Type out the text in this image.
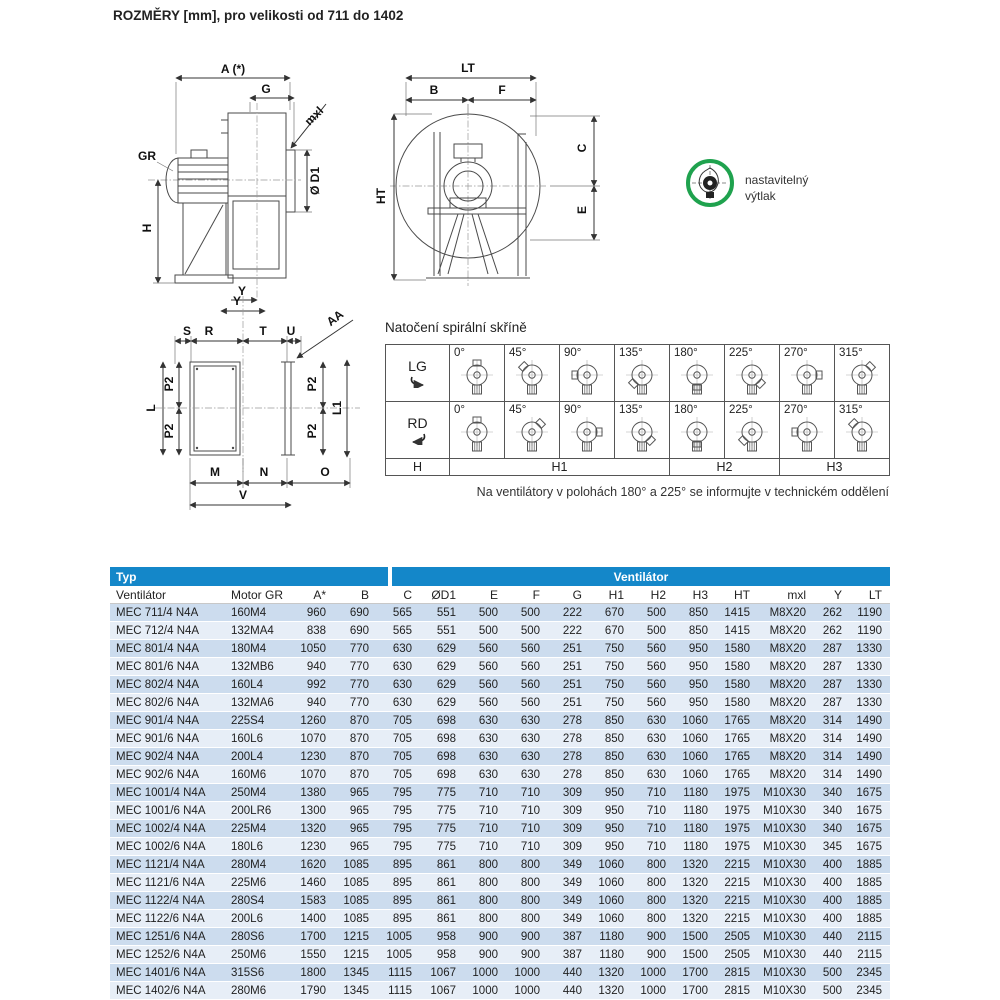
ROZMĚRY [mm], pro velikosti od 711 do 1402
A (*)
G
mxl
GR
Ø D1
H
Y
LT
B	F
HT
C
E
Y
S R	T U
AA
L
P2
P2
P2
P2
L1
M	N	O
V
nastavitelný
výtlak
Natočení spirální skříně
LG
0°	45°	90°	135°	180°	225°	270°	315°
RD
0°	45°	90°	135°	180°	225°	270°	315°
H	H1	H2	H3
Na ventilátory v polohách 180° a 225° se informujte v technickém oddělení
Typ	Ventilátor
Ventilátor	Motor GR	A*	B	C	ØD1	E	F	G	H1	H2	H3	HT	mxl	Y	LT
MEC 711/4 N4A	160M4	960	690	565	551	500	500	222	670	500	850	1415	M8X20	262	1190
MEC 712/4 N4A	132MA4	838	690	565	551	500	500	222	670	500	850	1415	M8X20	262	1190
MEC 801/4 N4A	180M4	1050	770	630	629	560	560	251	750	560	950	1580	M8X20	287	1330
MEC 801/6 N4A	132MB6	940	770	630	629	560	560	251	750	560	950	1580	M8X20	287	1330
MEC 802/4 N4A	160L4	992	770	630	629	560	560	251	750	560	950	1580	M8X20	287	1330
MEC 802/6 N4A	132MA6	940	770	630	629	560	560	251	750	560	950	1580	M8X20	287	1330
MEC 901/4 N4A	225S4	1260	870	705	698	630	630	278	850	630	1060	1765	M8X20	314	1490
MEC 901/6 N4A	160L6	1070	870	705	698	630	630	278	850	630	1060	1765	M8X20	314	1490
MEC 902/4 N4A	200L4	1230	870	705	698	630	630	278	850	630	1060	1765	M8X20	314	1490
MEC 902/6 N4A	160M6	1070	870	705	698	630	630	278	850	630	1060	1765	M8X20	314	1490
MEC 1001/4 N4A	250M4	1380	965	795	775	710	710	309	950	710	1180	1975	M10X30	340	1675
MEC 1001/6 N4A	200LR6	1300	965	795	775	710	710	309	950	710	1180	1975	M10X30	340	1675
MEC 1002/4 N4A	225M4	1320	965	795	775	710	710	309	950	710	1180	1975	M10X30	340	1675
MEC 1002/6 N4A	180L6	1230	965	795	775	710	710	309	950	710	1180	1975	M10X30	345	1675
MEC 1121/4 N4A	280M4	1620	1085	895	861	800	800	349	1060	800	1320	2215	M10X30	400	1885
MEC 1121/6 N4A	225M6	1460	1085	895	861	800	800	349	1060	800	1320	2215	M10X30	400	1885
MEC 1122/4 N4A	280S4	1583	1085	895	861	800	800	349	1060	800	1320	2215	M10X30	400	1885
MEC 1122/6 N4A	200L6	1400	1085	895	861	800	800	349	1060	800	1320	2215	M10X30	400	1885
MEC 1251/6 N4A	280S6	1700	1215	1005	958	900	900	387	1180	900	1500	2505	M10X30	440	2115
MEC 1252/6 N4A	250M6	1550	1215	1005	958	900	900	387	1180	900	1500	2505	M10X30	440	2115
MEC 1401/6 N4A	315S6	1800	1345	1115	1067	1000	1000	440	1320	1000	1700	2815	M10X30	500	2345
MEC 1402/6 N4A	280M6	1790	1345	1115	1067	1000	1000	440	1320	1000	1700	2815	M10X30	500	2345
